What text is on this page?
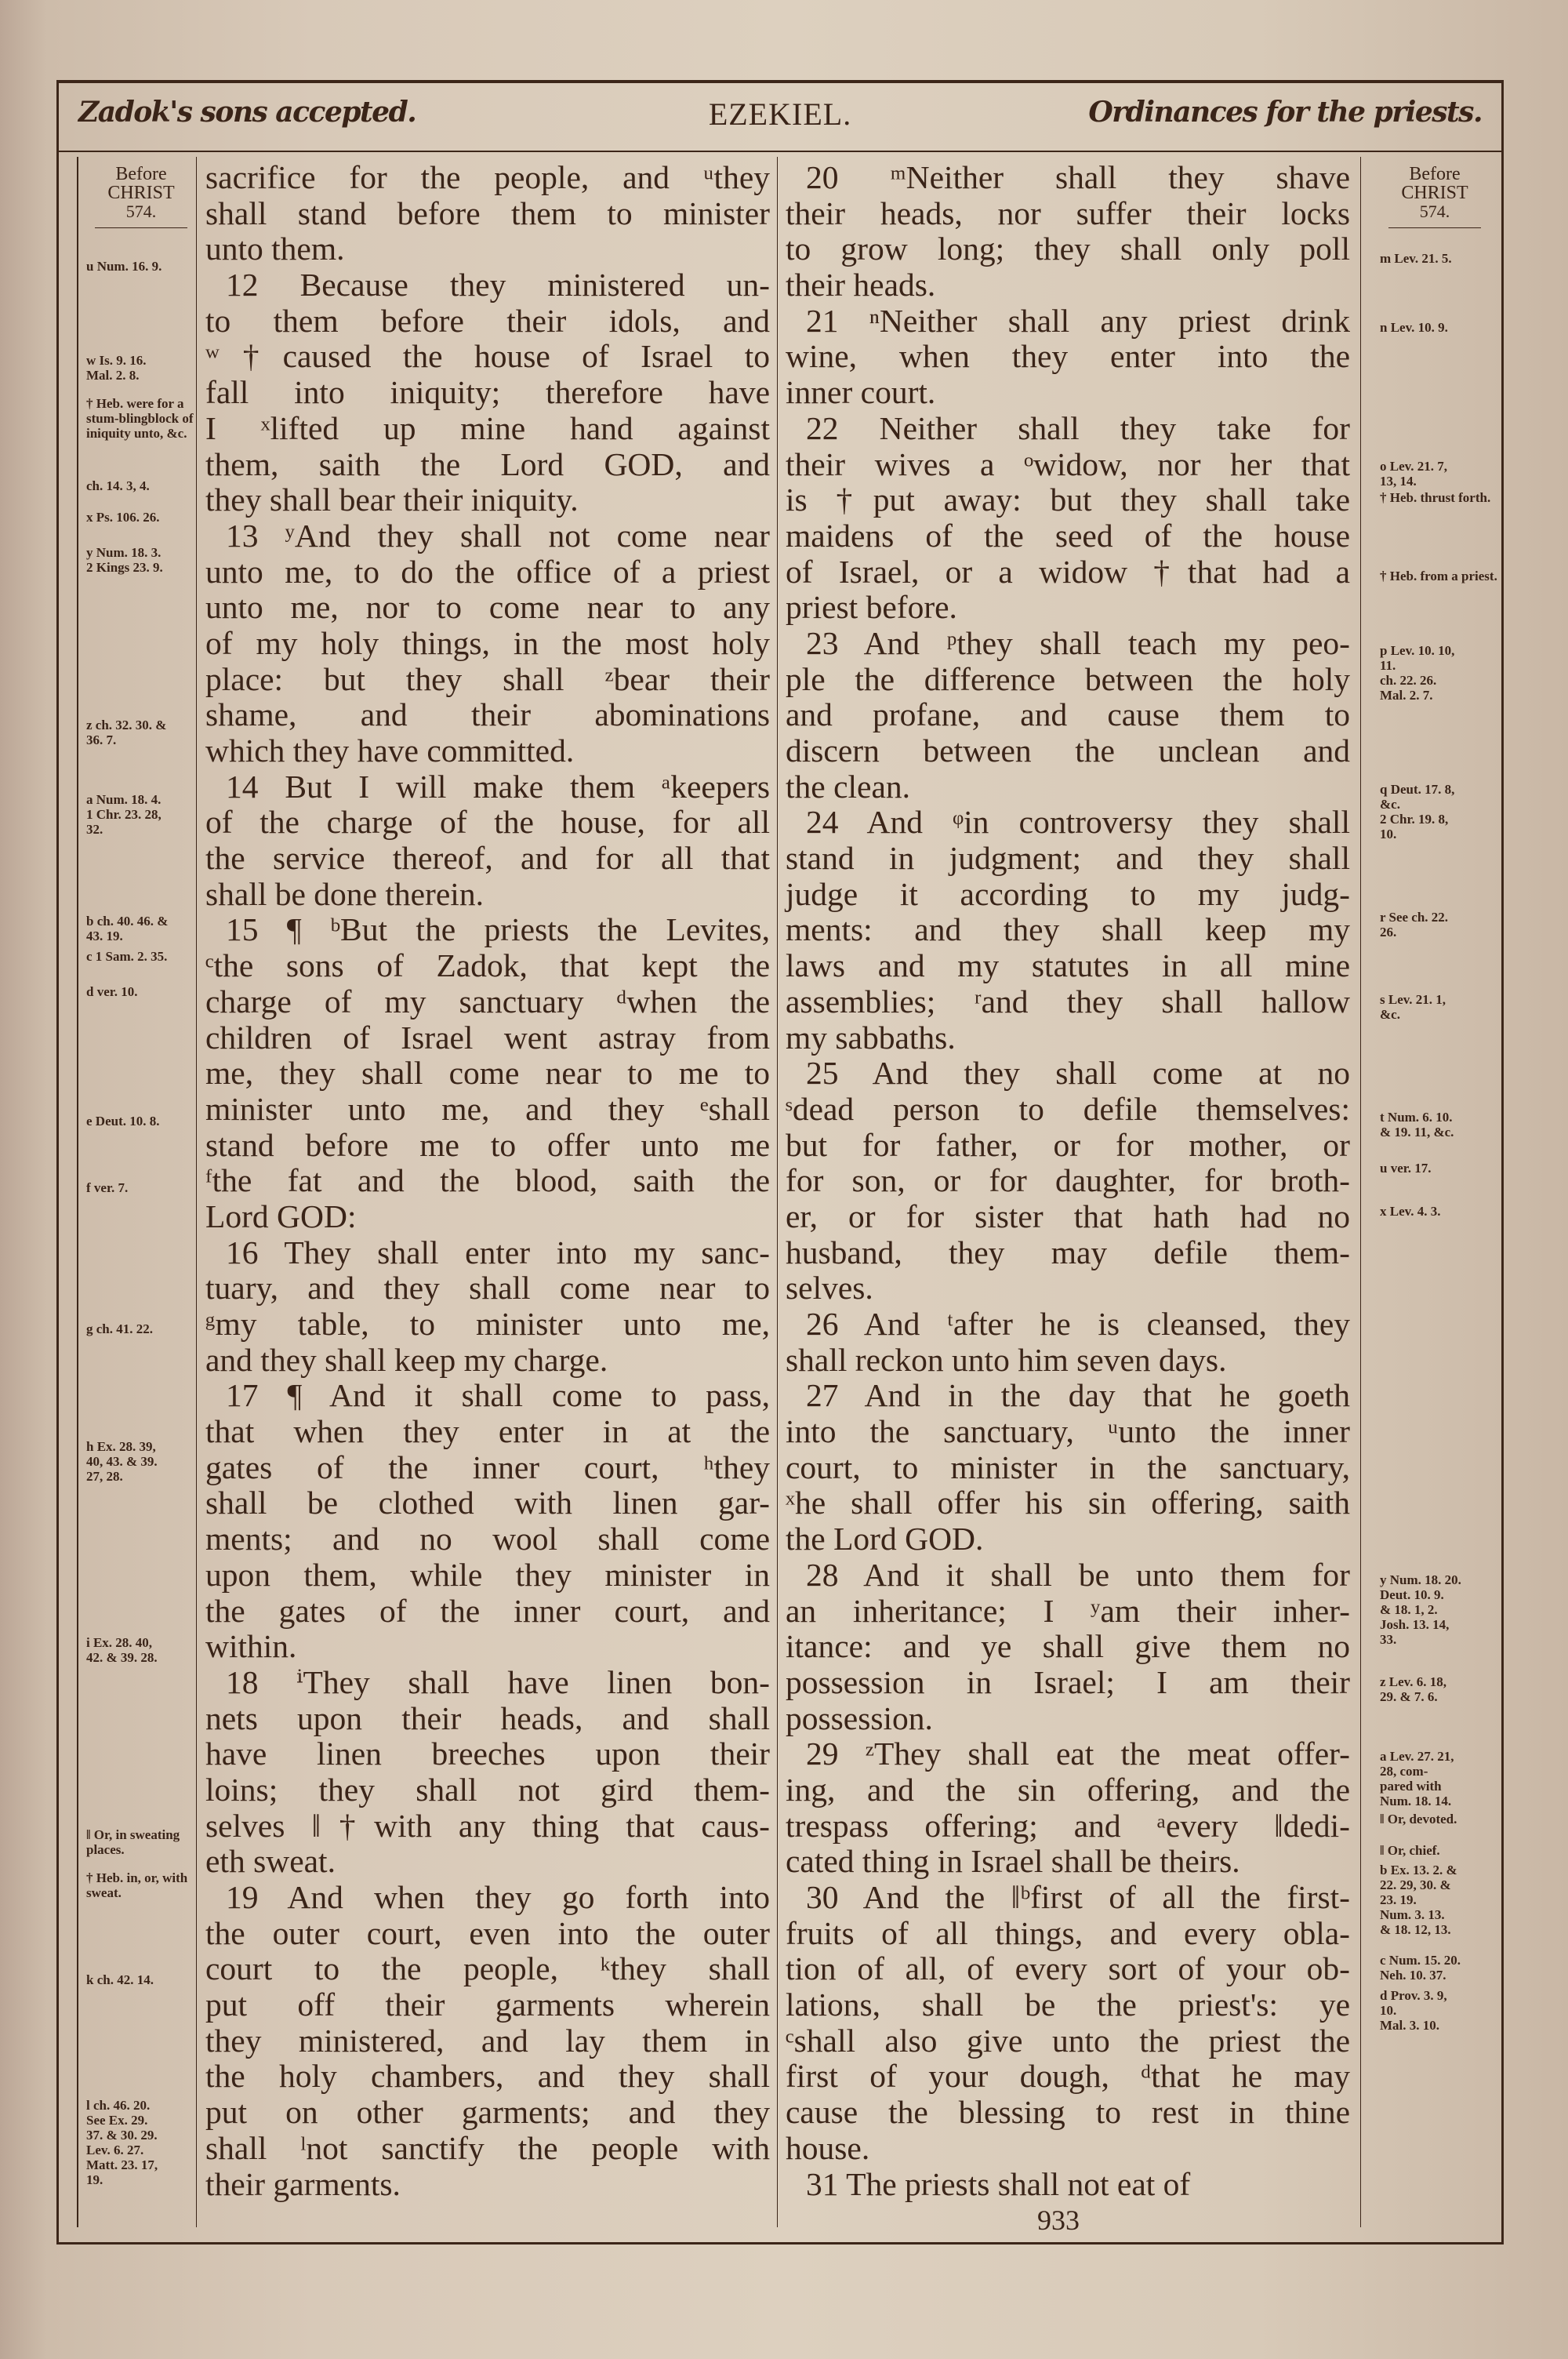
Zadok's sons accepted.	EZEKIEL.	Ordinances for the priests.
Before
CHRIST
574.
u Num. 16. 9.
w Is. 9. 16.
Mal. 2. 8.
† Heb. were for a stum-blingblock of iniquity unto, &c.
ch. 14. 3, 4.
x Ps. 106. 26.
y Num. 18. 3.
2 Kings 23. 9.
z ch. 32. 30. &
36. 7.
a Num. 18. 4.
1 Chr. 23. 28,
32.
b ch. 40. 46. &
43. 19.
c 1 Sam. 2. 35.
d ver. 10.
e Deut. 10. 8.
f ver. 7.
g ch. 41. 22.
h Ex. 28. 39,
40, 43. & 39.
27, 28.
i Ex. 28. 40,
42. & 39. 28.
‖ Or, in sweating places.
† Heb. in, or, with sweat.
k ch. 42. 14.
l ch. 46. 20.
See Ex. 29.
37. & 30. 29.
Lev. 6. 27.
Matt. 23. 17,
19.
sacrifice for the people, and ᵘthey
shall stand before them to minister
unto them.
12 Because they ministered un-
to them before their idols, and
ʷ†caused the house of Israel to
fall into iniquity; therefore have
I ˣlifted up mine hand against
them, saith the Lord GOD, and
they shall bear their iniquity.
13 ʸAnd they shall not come near
unto me, to do the office of a priest
unto me, nor to come near to any
of my holy things, in the most holy
place: but they shall ᶻbear their
shame, and their abominations
which they have committed.
14 But I will make them ᵃkeepers
of the charge of the house, for all
the service thereof, and for all that
shall be done therein.
15 ¶ ᵇBut the priests the Levites,
ᶜthe sons of Zadok, that kept the
charge of my sanctuary ᵈwhen the
children of Israel went astray from
me, they shall come near to me to
minister unto me, and they ᵉshall
stand before me to offer unto me
ᶠthe fat and the blood, saith the
Lord GOD:
16 They shall enter into my sanc-
tuary, and they shall come near to
ᵍmy table, to minister unto me,
and they shall keep my charge.
17 ¶ And it shall come to pass,
that when they enter in at the
gates of the inner court, ʰthey
shall be clothed with linen gar-
ments; and no wool shall come
upon them, while they minister in
the gates of the inner court, and
within.
18 ⁱThey shall have linen bon-
nets upon their heads, and shall
have linen breeches upon their
loins; they shall not gird them-
selves ‖†with any thing that caus-
eth sweat.
19 And when they go forth into
the outer court, even into the outer
court to the people, ᵏthey shall
put off their garments wherein
they ministered, and lay them in
the holy chambers, and they shall
put on other garments; and they
shall ˡnot sanctify the people with
their garments.
20 ᵐNeither shall they shave
their heads, nor suffer their locks
to grow long; they shall only poll
their heads.
21 ⁿNeither shall any priest drink
wine, when they enter into the
inner court.
22 Neither shall they take for
their wives a ᵒwidow, nor her that
is †put away: but they shall take
maidens of the seed of the house
of Israel, or a widow †that had a
priest before.
23 And ᵖthey shall teach my peo-
ple the difference between the holy
and profane, and cause them to
discern between the unclean and
the clean.
24 And ᵠin controversy they shall
stand in judgment; and they shall
judge it according to my judg-
ments: and they shall keep my
laws and my statutes in all mine
assemblies; ʳand they shall hallow
my sabbaths.
25 And they shall come at no
ˢdead person to defile themselves:
but for father, or for mother, or
for son, or for daughter, for broth-
er, or for sister that hath had no
husband, they may defile them-
selves.
26 And ᵗafter he is cleansed, they
shall reckon unto him seven days.
27 And in the day that he goeth
into the sanctuary, ᵘunto the inner
court, to minister in the sanctuary,
ˣhe shall offer his sin offering, saith
the Lord GOD.
28 And it shall be unto them for
an inheritance; I ʸam their inher-
itance: and ye shall give them no
possession in Israel; I am their
possession.
29 ᶻThey shall eat the meat offer-
ing, and the sin offering, and the
trespass offering; and ᵃevery ‖dedi-
cated thing in Israel shall be theirs.
30 And the ‖ᵇfirst of all the first-
fruits of all things, and every obla-
tion of all, of every sort of your ob-
lations, shall be the priest's: ye
ᶜshall also give unto the priest the
first of your dough, ᵈthat he may
cause the blessing to rest in thine
house.
31 The priests shall not eat of
Before
CHRIST
574.
m Lev. 21. 5.
n Lev. 10. 9.
o Lev. 21. 7,
13, 14.
† Heb. thrust forth.
† Heb. from a priest.
p Lev. 10. 10,
11.
ch. 22. 26.
Mal. 2. 7.
q Deut. 17. 8,
&c.
2 Chr. 19. 8,
10.
r See ch. 22.
26.
s Lev. 21. 1,
&c.
t Num. 6. 10.
& 19. 11, &c.
u ver. 17.
x Lev. 4. 3.
y Num. 18. 20.
Deut. 10. 9.
& 18. 1, 2.
Josh. 13. 14,
33.
z Lev. 6. 18,
29. & 7. 6.
a Lev. 27. 21,
28, com-
pared with
Num. 18. 14.
‖ Or, devoted.
‖ Or, chief.
b Ex. 13. 2. &
22. 29, 30. &
23. 19.
Num. 3. 13.
& 18. 12, 13.
c Num. 15. 20.
Neh. 10. 37.
d Prov. 3. 9,
10.
Mal. 3. 10.
933
